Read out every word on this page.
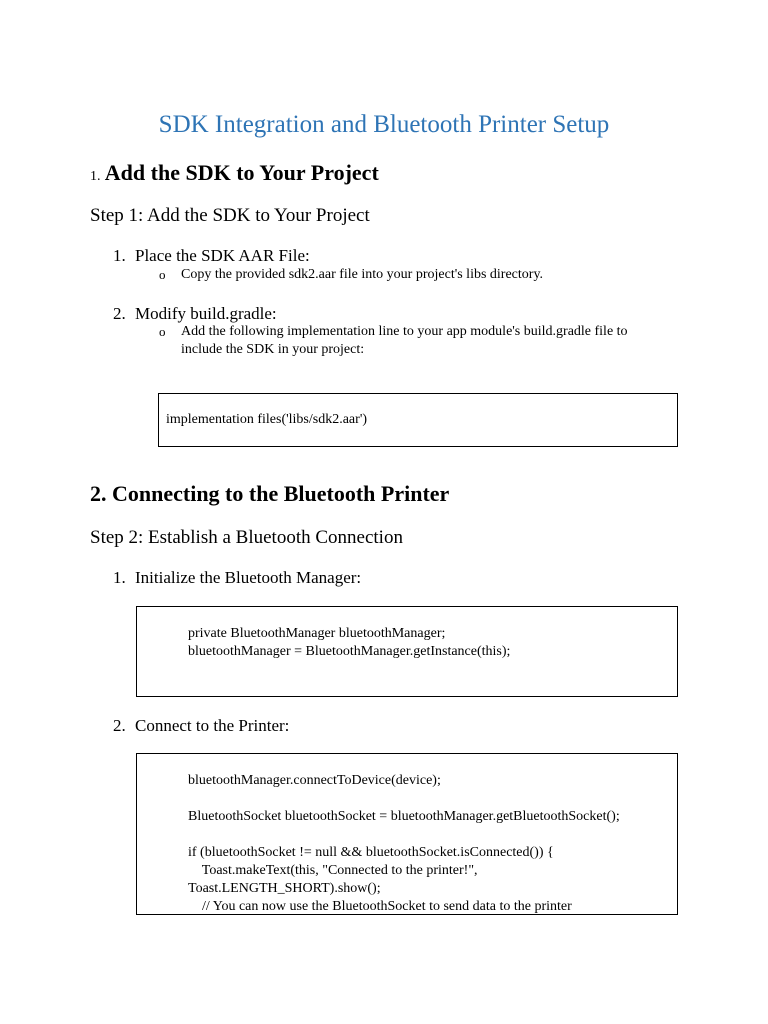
SDK Integration and Bluetooth Printer Setup
1. Add the SDK to Your Project
Step 1: Add the SDK to Your Project
1. Place the SDK AAR File:
o Copy the provided sdk2.aar file into your project's libs directory.
2. Modify build.gradle:
o Add the following implementation line to your app module's build.gradle file to
include the SDK in your project:
implementation files('libs/sdk2.aar')
2. Connecting to the Bluetooth Printer
Step 2: Establish a Bluetooth Connection
1. Initialize the Bluetooth Manager:
private BluetoothManager bluetoothManager;
bluetoothManager = BluetoothManager.getInstance(this);
2. Connect to the Printer:
bluetoothManager.connectToDevice(device);
BluetoothSocket bluetoothSocket = bluetoothManager.getBluetoothSocket();
if (bluetoothSocket != null && bluetoothSocket.isConnected()) {
Toast.makeText(this, "Connected to the printer!",
Toast.LENGTH_SHORT).show();
// You can now use the BluetoothSocket to send data to the printer
